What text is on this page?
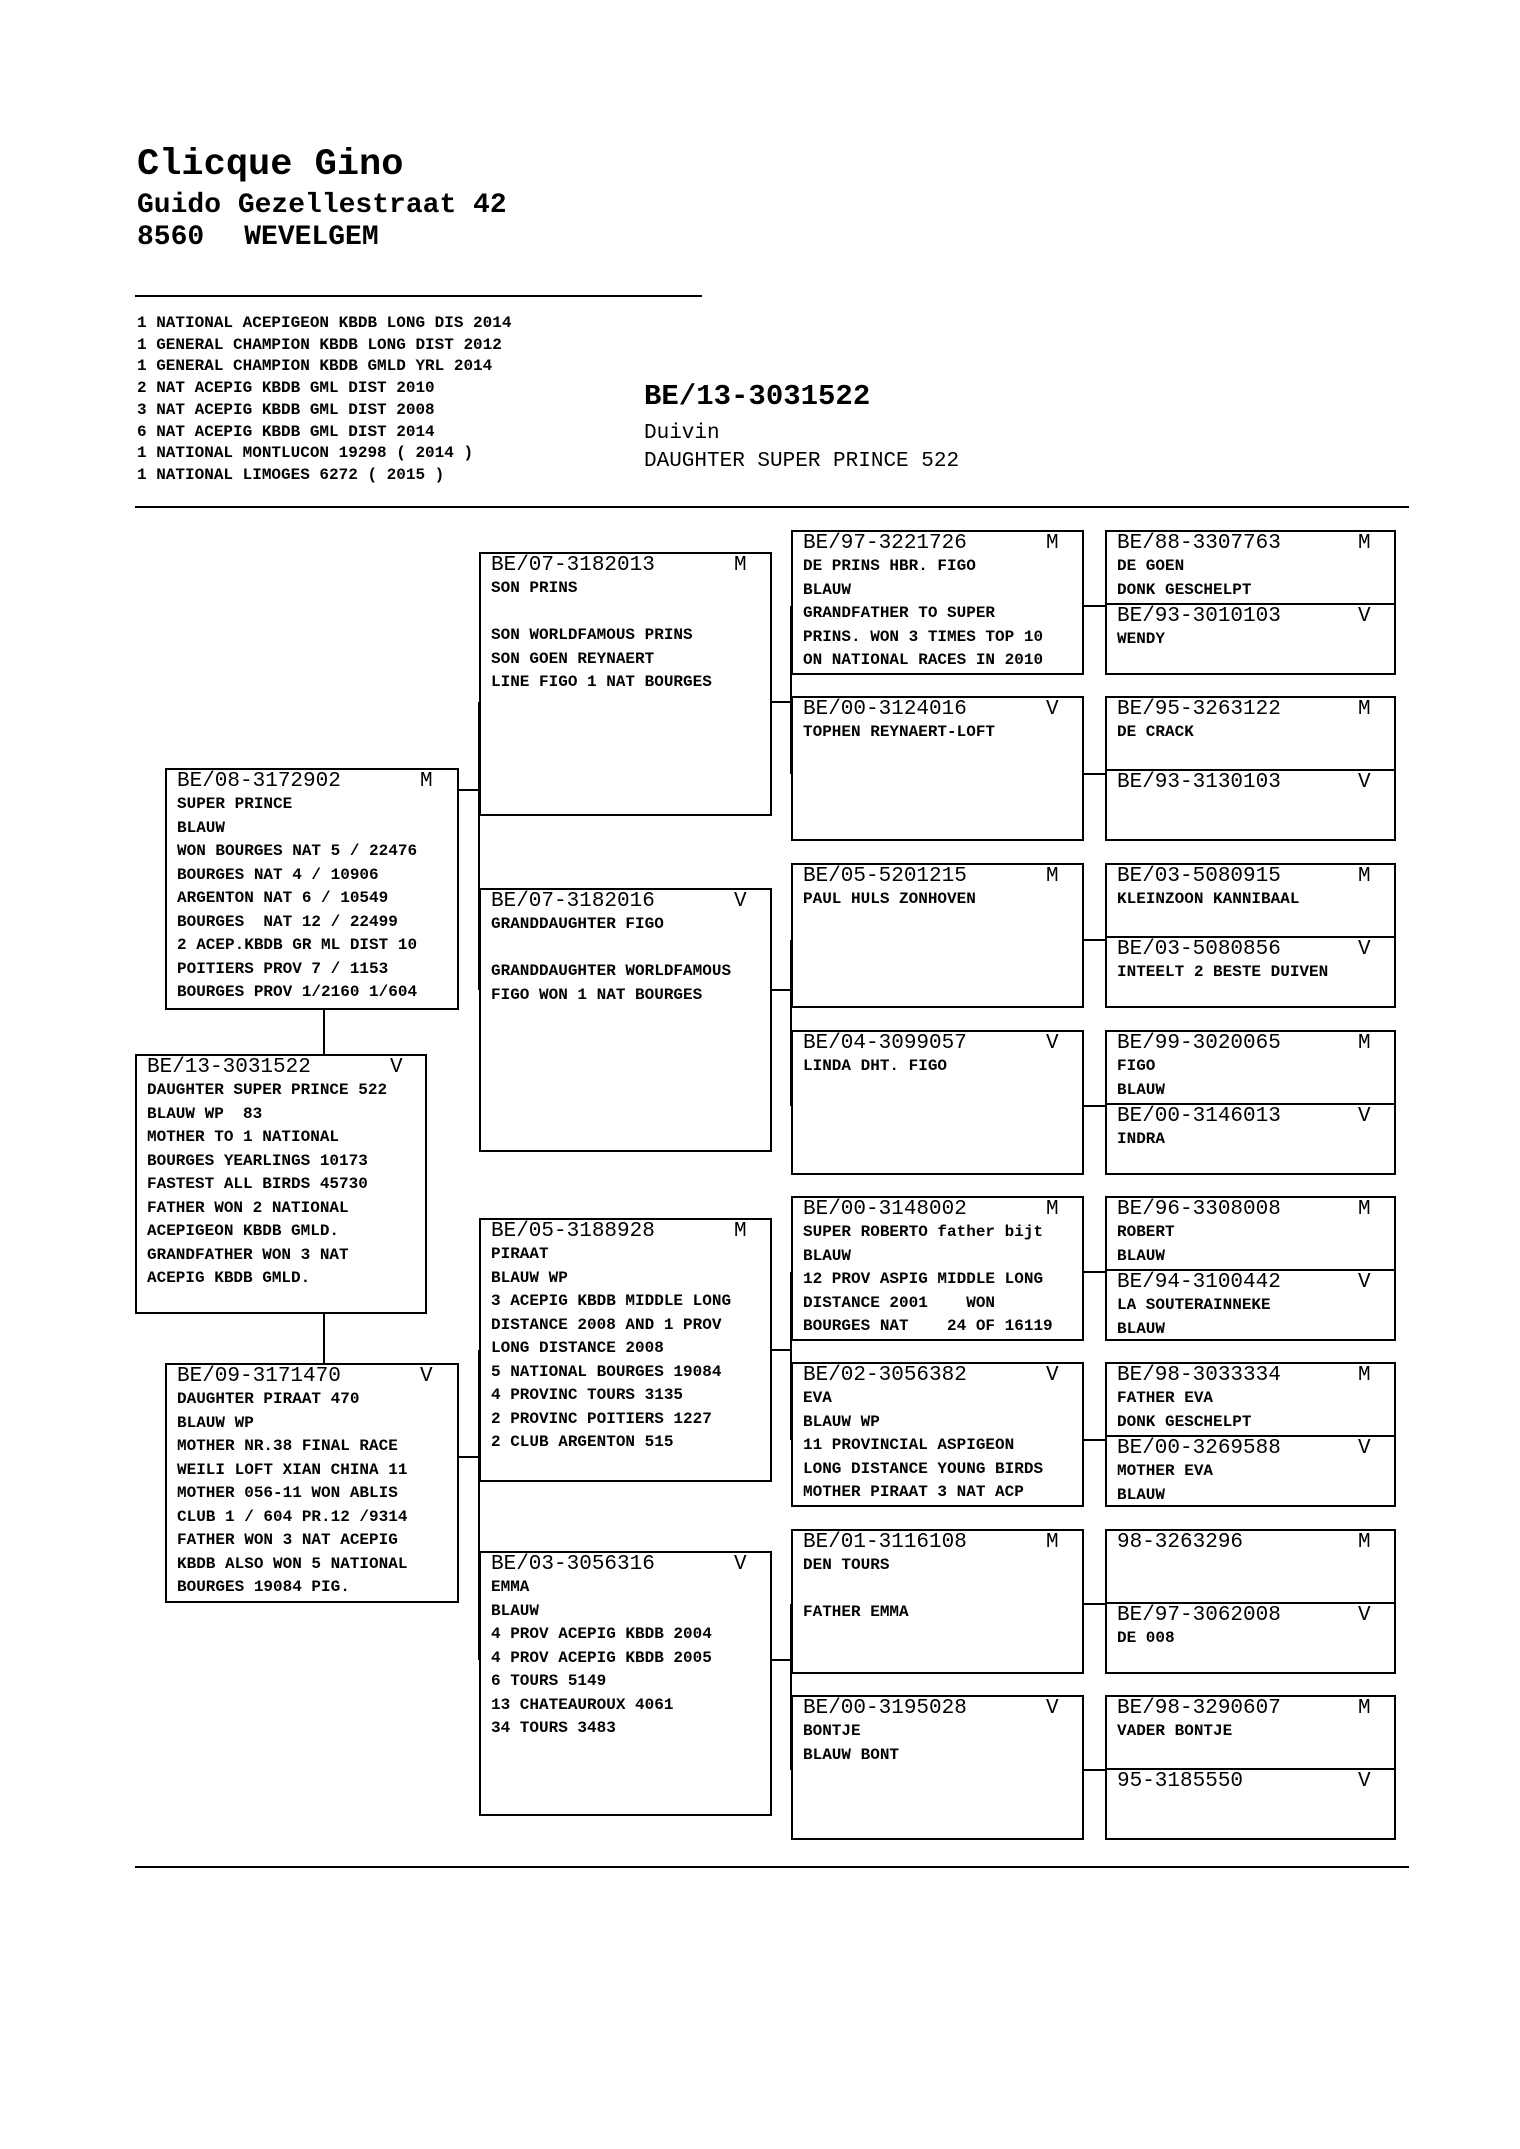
Clicque Gino
Guido Gezellestraat 42
8560 WEVELGEM
1 NATIONAL ACEPIGEON KBDB LONG DIS 2014
1 GENERAL CHAMPION KBDB LONG DIST 2012
1 GENERAL CHAMPION KBDB GMLD YRL 2014
2 NAT ACEPIG KBDB GML DIST 2010
3 NAT ACEPIG KBDB GML DIST 2008
6 NAT ACEPIG KBDB GML DIST 2014
1 NATIONAL MONTLUCON 19298 ( 2014 )
1 NATIONAL LIMOGES 6272 ( 2015 )
BE/13-3031522
Duivin
DAUGHTER SUPER PRINCE 522
BE/13-3031522	V
DAUGHTER SUPER PRINCE 522
BLAUW WP  83
MOTHER TO 1 NATIONAL
BOURGES YEARLINGS 10173
FASTEST ALL BIRDS 45730
FATHER WON 2 NATIONAL
ACEPIGEON KBDB GMLD.
GRANDFATHER WON 3 NAT
ACEPIG KBDB GMLD.
BE/08-3172902	M
SUPER PRINCE
BLAUW
WON BOURGES NAT 5 / 22476
BOURGES NAT 4 / 10906
ARGENTON NAT 6 / 10549
BOURGES  NAT 12 / 22499
2 ACEP.KBDB GR ML DIST 10
POITIERS PROV 7 / 1153
BOURGES PROV 1/2160 1/604
BE/09-3171470	V
DAUGHTER PIRAAT 470
BLAUW WP
MOTHER NR.38 FINAL RACE
WEILI LOFT XIAN CHINA 11
MOTHER 056-11 WON ABLIS
CLUB 1 / 604 PR.12 /9314
FATHER WON 3 NAT ACEPIG
KBDB ALSO WON 5 NATIONAL
BOURGES 19084 PIG.
BE/07-3182013	M
SON PRINS
SON WORLDFAMOUS PRINS
SON GOEN REYNAERT
LINE FIGO 1 NAT BOURGES
BE/07-3182016	V
GRANDDAUGHTER FIGO
GRANDDAUGHTER WORLDFAMOUS
FIGO WON 1 NAT BOURGES
BE/05-3188928	M
PIRAAT
BLAUW WP
3 ACEPIG KBDB MIDDLE LONG
DISTANCE 2008 AND 1 PROV
LONG DISTANCE 2008
5 NATIONAL BOURGES 19084
4 PROVINC TOURS 3135
2 PROVINC POITIERS 1227
2 CLUB ARGENTON 515
BE/03-3056316	V
EMMA
BLAUW
4 PROV ACEPIG KBDB 2004
4 PROV ACEPIG KBDB 2005
6 TOURS 5149
13 CHATEAUROUX 4061
34 TOURS 3483
BE/97-3221726	M
DE PRINS HBR. FIGO
BLAUW
GRANDFATHER TO SUPER
PRINS. WON 3 TIMES TOP 10
ON NATIONAL RACES IN 2010
BE/00-3124016	V
TOPHEN REYNAERT-LOFT
BE/05-5201215	M
PAUL HULS ZONHOVEN
BE/04-3099057	V
LINDA DHT. FIGO
BE/00-3148002	M
SUPER ROBERTO father bijt
BLAUW
12 PROV ASPIG MIDDLE LONG
DISTANCE 2001    WON
BOURGES NAT    24 OF 16119
BE/02-3056382	V
EVA
BLAUW WP
11 PROVINCIAL ASPIGEON
LONG DISTANCE YOUNG BIRDS
MOTHER PIRAAT 3 NAT ACP
BE/01-3116108	M
DEN TOURS
FATHER EMMA
BE/00-3195028	V
BONTJE
BLAUW BONT
BE/88-3307763	M
DE GOEN
DONK GESCHELPT
BE/93-3010103	V
WENDY
BE/95-3263122	M
DE CRACK
BE/93-3130103	V
BE/03-5080915	M
KLEINZOON KANNIBAAL
BE/03-5080856	V
INTEELT 2 BESTE DUIVEN
BE/99-3020065	M
FIGO
BLAUW
BE/00-3146013	V
INDRA
BE/96-3308008	M
ROBERT
BLAUW
BE/94-3100442	V
LA SOUTERAINNEKE
BLAUW
BE/98-3033334	M
FATHER EVA
DONK GESCHELPT
BE/00-3269588	V
MOTHER EVA
BLAUW
98-3263296	M
BE/97-3062008	V
DE 008
BE/98-3290607	M
VADER BONTJE
95-3185550	V
